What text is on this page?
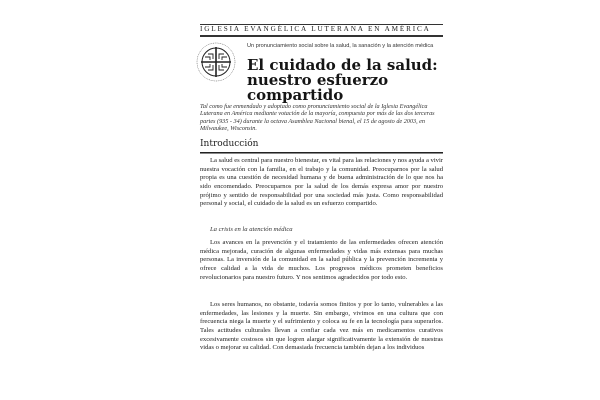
IGLESIA EVANGÉLICA LUTERANA EN AMÉRICA
Un pronunciamiento social sobre la salud, la sanación y la atención médica
El cuidado de la salud: nuestro esfuerzo compartido
Tal como fue enmendado y adoptado como pronunciamiento social de la Iglesia Evangélica Luterana en América mediante votación de la mayoría, compuesta por más de las dos terceras partes (935 - 34) durante la octava Asamblea Nacional bienal, el 15 de agosto de 2003, en Milwaukee, Wisconsin.
Introducción

La salud es central para nuestro bienestar, es vital para las relaciones y nos ayuda a vivir nuestra vocación con la familia, en el trabajo y la comunidad. Preocuparnos por la salud propia es una cuestión de necesidad humana y de buena administración de lo que nos ha sido encomendado. Preocuparnos por la salud de los demás expresa amor por nuestro prójimo y sentido de responsabilidad por una sociedad más justa. Como responsabilidad personal y social, el cuidado de la salud es un esfuerzo compartido.

La crisis en la atención médica

Los avances en la prevención y el tratamiento de las enfermedades ofrecen atención médica mejorada, curación de algunas enfermedades y vidas más extensas para muchas personas. La inversión de la comunidad en la salud pública y la prevención incrementa y ofrece calidad a la vida de muchos. Los progresos médicos prometen beneficios revolucionarios para nuestro futuro. Y nos sentimos agradecidos por todo esto.

Los seres humanos, no obstante, todavía somos finitos y por lo tanto, vulnerables a las enfermedades, las lesiones y la muerte. Sin embargo, vivimos en una cultura que con frecuencia niega la muerte y el sufrimiento y coloca su fe en la tecnología para superarlos. Tales actitudes culturales llevan a confiar cada vez más en medicamentos curativos excesivamente costosos sin que logren alargar significativamente la extensión de nuestras vidas o mejorar su calidad. Con demasiada frecuencia también dejan a los individuos
